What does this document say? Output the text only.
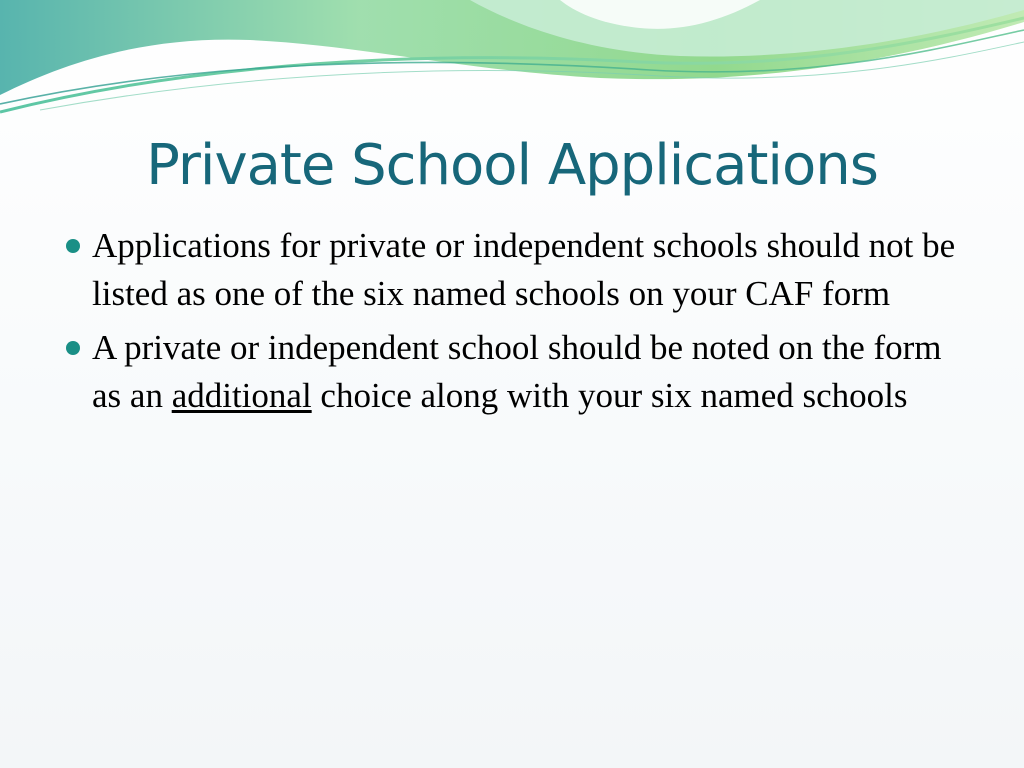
Private School Applications
Applications for private or independent schools should not be listed as one of the six named schools on your CAF form
A private or independent school should be noted on the form as an additional choice along with your six named schools
